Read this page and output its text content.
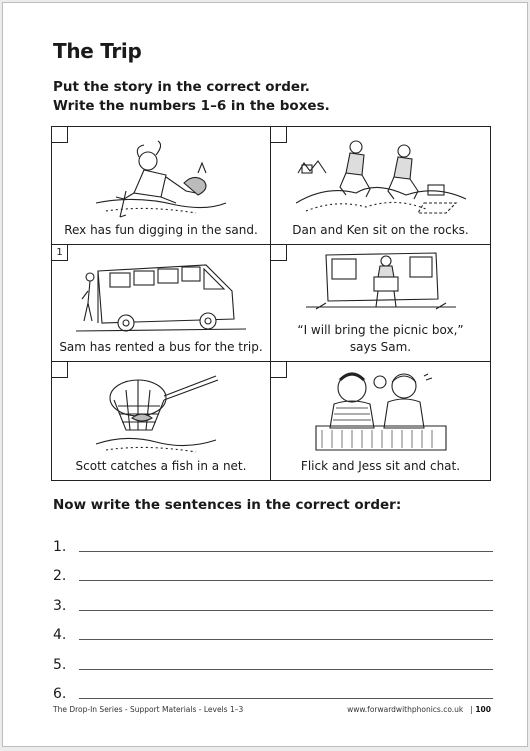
The Trip
Put the story in the correct order.
Write the numbers 1–6 in the boxes.
Rex has fun digging in the sand.	Dan and Ken sit on the rocks.
1
Sam has rented a bus for the trip.
“I will bring the picnic box,”
says Sam.
Scott catches a fish in a net.	Flick and Jess sit and chat.
Now write the sentences in the correct order:
1.
2.
3.
4.
5.
6.
The Drop-In Series - Support Materials - Levels 1–3	www.forwardwithphonics.co.uk   | 100
